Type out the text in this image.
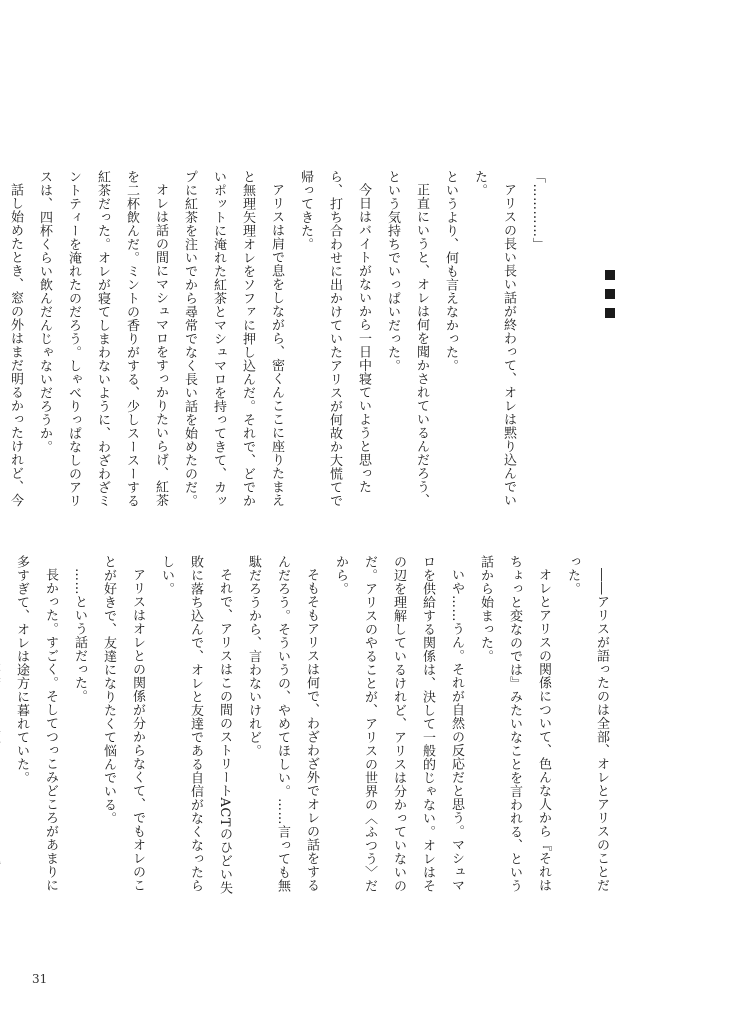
「…………」

アリスの長い長い話が終わって、オレは黙り込んでいた。

というより、何も言えなかった。

正直にいうと、オレは何を聞かされているんだろう、という気持ちでいっぱいだった。

今日はバイトがないから一日中寝ていようと思ったら、打ち合わせに出かけていたアリスが何故か大慌てで帰ってきた。

アリスは肩で息をしながら、密くんここに座りたまえと無理矢理オレをソファに押し込んだ。それで、どでかいポットに淹れた紅茶とマシュマロを持ってきて、カップに紅茶を注いでから尋常でなく長い話を始めたのだ。

オレは話の間にマシュマロをすっかりたいらげ、紅茶を二杯飲んだ。ミントの香りがする、少しスースーする紅茶だった。オレが寝てしまわないように、わざわざミントティーを淹れたのだろう。しゃべりっぱなしのアリスは、四杯くらい飲んだんじゃないだろうか。

話し始めたとき、窓の外はまだ明るかったけれど、今

――アリスが語ったのは全部、オレとアリスのことだった。

オレとアリスの関係について、色んな人から『それはちょっと変なのでは』みたいなことを言われる、という話から始まった。

いや……うん。それが自然の反応だと思う。マシュマロを供給する関係は、決して一般的じゃない。オレはその辺を理解しているけれど、アリスは分かっていないのだ。アリスのやることが、アリスの世界の〈ふつう〉だから。

そもそもアリスは何で、わざわざ外でオレの話をするんだろう。そういうの、やめてほしい。……言っても無駄だろうから、言わないけれど。

それで、アリスはこの間のストリートACTのひどい失敗に落ち込んで、オレと友達である自信がなくなったらしい。

アリスはオレとの関係が分からなくて、でもオレのことが好きで、友達になりたくて悩んでいる。

……という話だった。

長かった。すごく。そしてつっこみどころがあまりに多すぎて、オレは途方に暮れていた。

31
